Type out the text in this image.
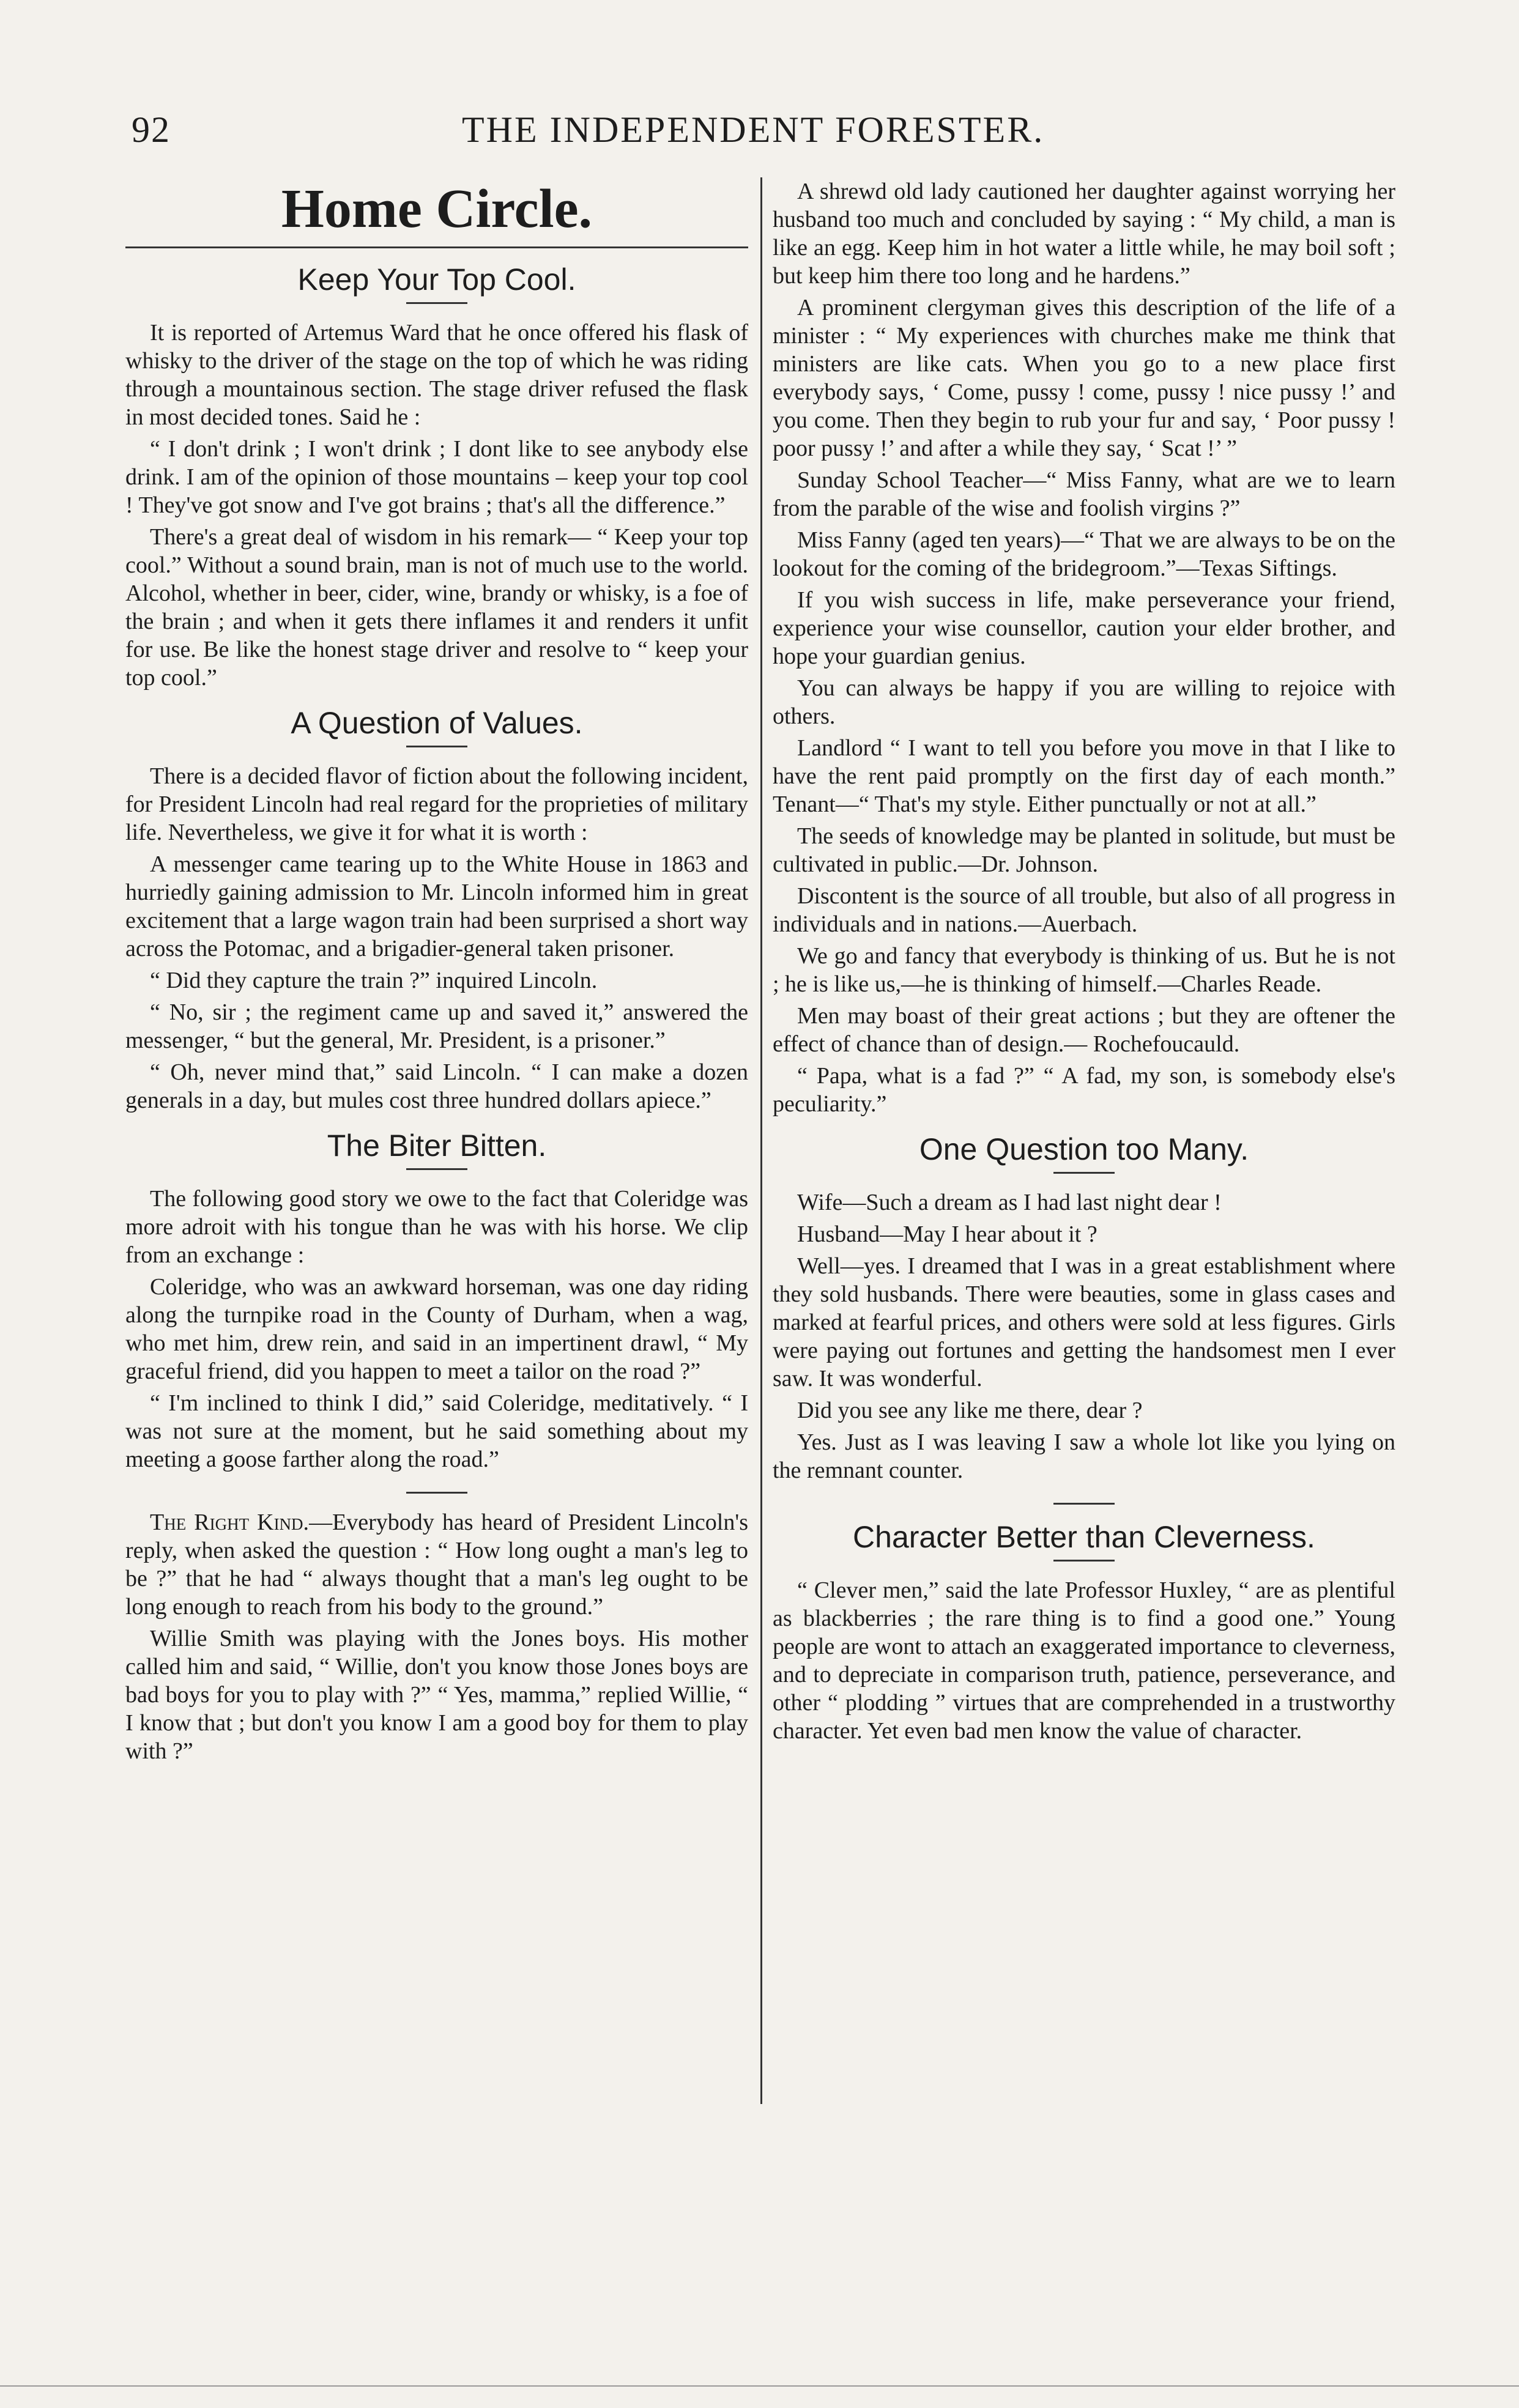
92	THE INDEPENDENT FORESTER.
Home Circle.
Keep Your Top Cool.

It is reported of Artemus Ward that he once offered his flask of whisky to the driver of the stage on the top of which he was riding through a mountainous section. The stage driver refused the flask in most decided tones. Said he :

“ I don't drink ; I won't drink ; I dont like to see anybody else drink. I am of the opinion of those mountains – keep your top cool ! They've got snow and I've got brains ; that's all the difference.”

There's a great deal of wisdom in his remark— “ Keep your top cool.” Without a sound brain, man is not of much use to the world. Alcohol, whether in beer, cider, wine, brandy or whisky, is a foe of the brain ; and when it gets there inflames it and renders it unfit for use. Be like the honest stage driver and resolve to “ keep your top cool.”

A Question of Values.

There is a decided flavor of fiction about the following incident, for President Lincoln had real regard for the proprieties of military life. Nevertheless, we give it for what it is worth :

A messenger came tearing up to the White House in 1863 and hurriedly gaining admission to Mr. Lincoln informed him in great excitement that a large wagon train had been surprised a short way across the Potomac, and a brigadier-general taken prisoner.

“ Did they capture the train ?” inquired Lincoln.

“ No, sir ; the regiment came up and saved it,” answered the messenger, “ but the general, Mr. President, is a prisoner.”

“ Oh, never mind that,” said Lincoln. “ I can make a dozen generals in a day, but mules cost three hundred dollars apiece.”

The Biter Bitten.

The following good story we owe to the fact that Coleridge was more adroit with his tongue than he was with his horse. We clip from an exchange :

Coleridge, who was an awkward horseman, was one day riding along the turnpike road in the County of Durham, when a wag, who met him, drew rein, and said in an impertinent drawl, “ My graceful friend, did you happen to meet a tailor on the road ?”

“ I'm inclined to think I did,” said Coleridge, meditatively. “ I was not sure at the moment, but he said something about my meeting a goose farther along the road.”

The Right Kind.—Everybody has heard of President Lincoln's reply, when asked the question : “ How long ought a man's leg to be ?” that he had “ always thought that a man's leg ought to be long enough to reach from his body to the ground.”

Willie Smith was playing with the Jones boys. His mother called him and said, “ Willie, don't you know those Jones boys are bad boys for you to play with ?” “ Yes, mamma,” replied Willie, “ I know that ; but don't you know I am a good boy for them to play with ?”

A shrewd old lady cautioned her daughter against worrying her husband too much and concluded by saying : “ My child, a man is like an egg. Keep him in hot water a little while, he may boil soft ; but keep him there too long and he hardens.”

A prominent clergyman gives this description of the life of a minister : “ My experiences with churches make me think that ministers are like cats. When you go to a new place first everybody says, ‘ Come, pussy ! come, pussy ! nice pussy !’ and you come. Then they begin to rub your fur and say, ‘ Poor pussy ! poor pussy !’ and after a while they say, ‘ Scat !’ ”

Sunday School Teacher—“ Miss Fanny, what are we to learn from the parable of the wise and foolish virgins ?”

Miss Fanny (aged ten years)—“ That we are always to be on the lookout for the coming of the bridegroom.”—Texas Siftings.

If you wish success in life, make perseverance your friend, experience your wise counsellor, caution your elder brother, and hope your guardian genius.

You can always be happy if you are willing to rejoice with others.

Landlord “ I want to tell you before you move in that I like to have the rent paid promptly on the first day of each month.” Tenant—“ That's my style. Either punctually or not at all.”

The seeds of knowledge may be planted in solitude, but must be cultivated in public.—Dr. Johnson.

Discontent is the source of all trouble, but also of all progress in individuals and in nations.—Auerbach.

We go and fancy that everybody is thinking of us. But he is not ; he is like us,—he is thinking of himself.—Charles Reade.

Men may boast of their great actions ; but they are oftener the effect of chance than of design.— Rochefoucauld.

“ Papa, what is a fad ?” “ A fad, my son, is somebody else's peculiarity.”

One Question too Many.

Wife—Such a dream as I had last night dear !

Husband—May I hear about it ?

Well—yes. I dreamed that I was in a great establishment where they sold husbands. There were beauties, some in glass cases and marked at fearful prices, and others were sold at less figures. Girls were paying out fortunes and getting the handsomest men I ever saw. It was wonderful.

Did you see any like me there, dear ?

Yes. Just as I was leaving I saw a whole lot like you lying on the remnant counter.

Character Better than Cleverness.

“ Clever men,” said the late Professor Huxley, “ are as plentiful as blackberries ; the rare thing is to find a good one.” Young people are wont to attach an exaggerated importance to cleverness, and to depreciate in comparison truth, patience, perseverance, and other “ plodding ” virtues that are comprehended in a trustworthy character. Yet even bad men know the value of character.
